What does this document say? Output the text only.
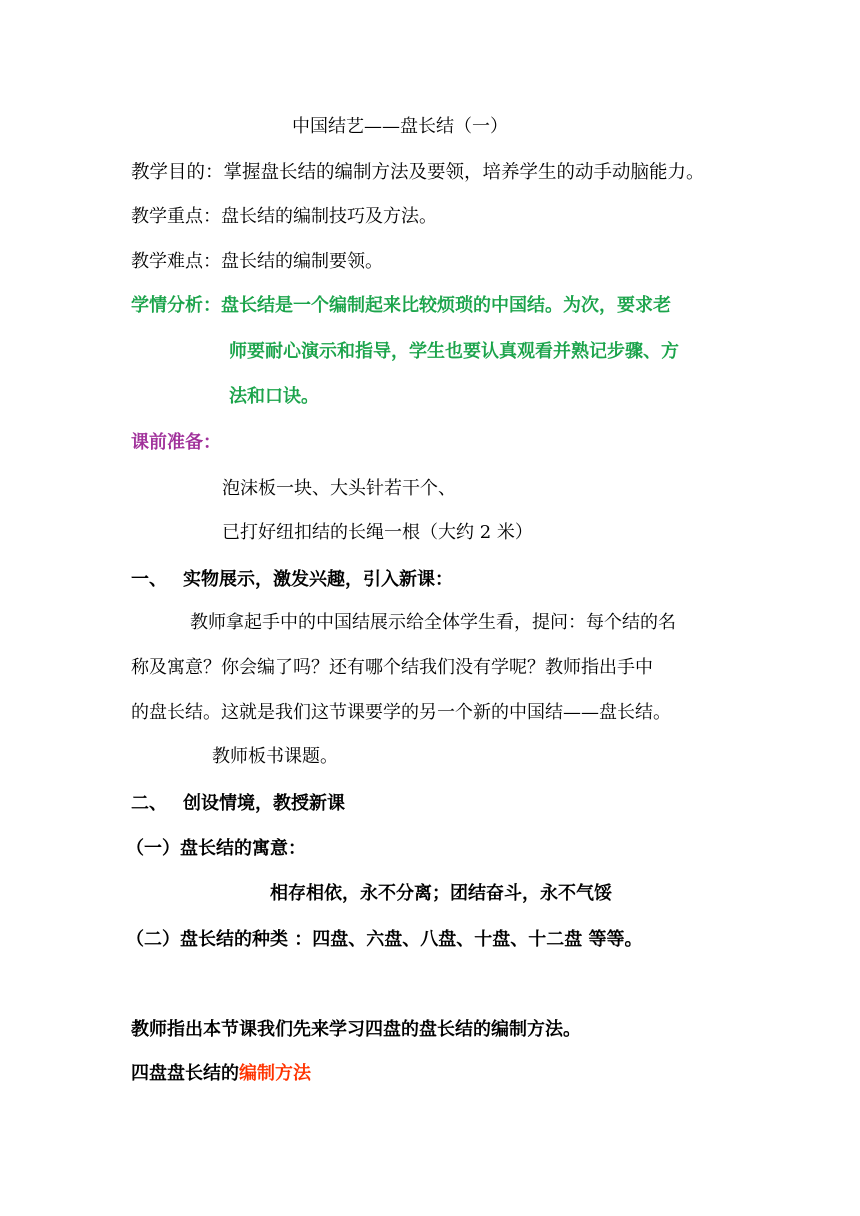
中国结艺——盘长结（一）
教学目的：掌握盘长结的编制方法及要领，培养学生的动手动脑能力。
教学重点：盘长结的编制技巧及方法。
教学难点：盘长结的编制要领。
学情分析：盘长结是一个编制起来比较烦琐的中国结。为次，要求老
师要耐心演示和指导，学生也要认真观看并熟记步骤、方
法和口诀。
课前准备：
泡沫板一块、大头针若干个、
已打好纽扣结的长绳一根（大约 2 米）
一、 实物展示，激发兴趣，引入新课：
教师拿起手中的中国结展示给全体学生看，提问：每个结的名
称及寓意？你会编了吗？还有哪个结我们没有学呢？教师指出手中
的盘长结。这就是我们这节课要学的另一个新的中国结——盘长结。
教师板书课题。
二、 创设情境，教授新课
（一）盘长结的寓意：
相存相依，永不分离；团结奋斗，永不气馁
（二）盘长结的种类 ：四盘、六盘、八盘、十盘、十二盘 等等。
教师指出本节课我们先来学习四盘的盘长结的编制方法。
四盘盘长结的编制方法
